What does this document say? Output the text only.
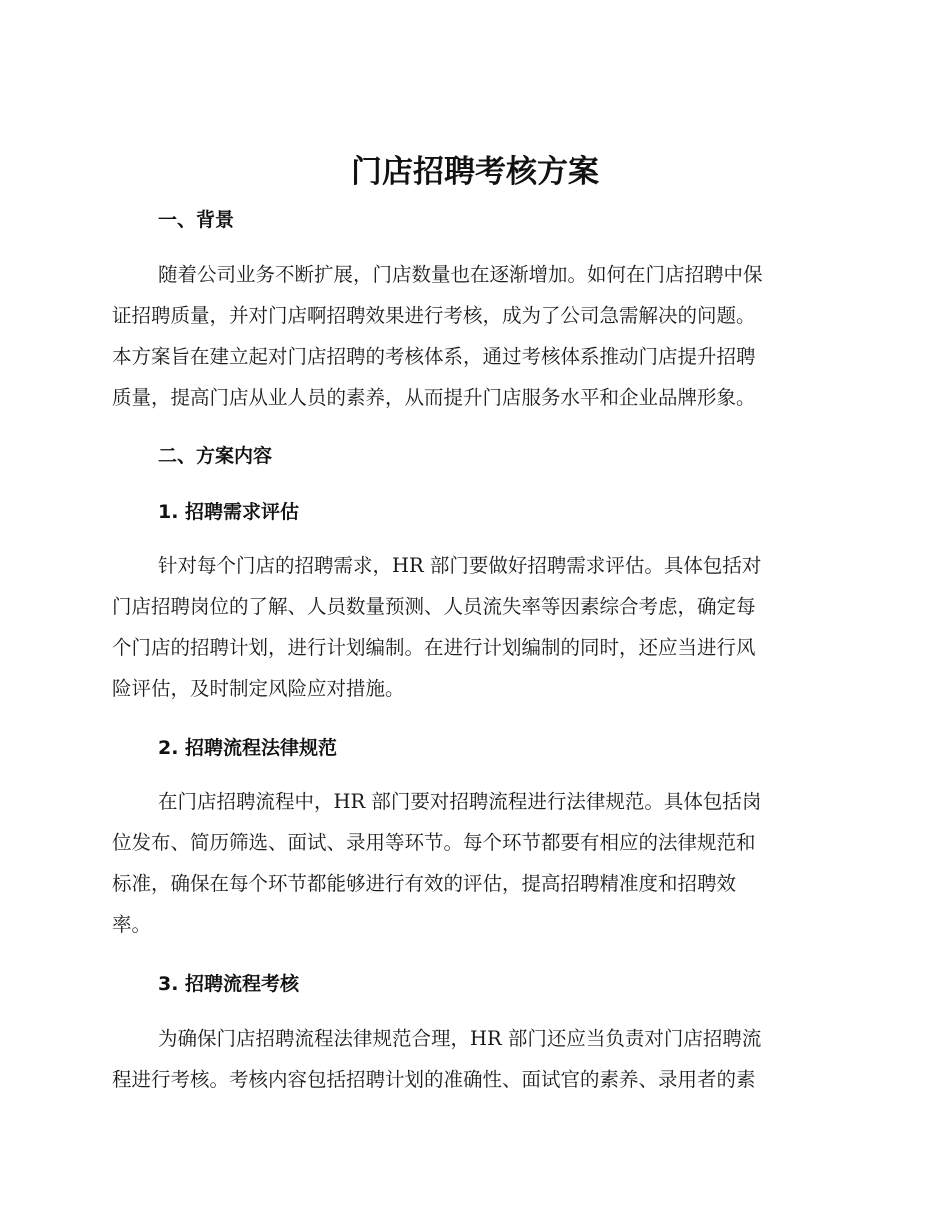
门店招聘考核方案
一、背景
随着公司业务不断扩展，门店数量也在逐渐增加。如何在门店招聘中保
证招聘质量，并对门店啊招聘效果进行考核，成为了公司急需解决的问题。
本方案旨在建立起对门店招聘的考核体系，通过考核体系推动门店提升招聘
质量，提高门店从业人员的素养，从而提升门店服务水平和企业品牌形象。
二、方案内容
1. 招聘需求评估
针对每个门店的招聘需求，HR 部门要做好招聘需求评估。具体包括对
门店招聘岗位的了解、人员数量预测、人员流失率等因素综合考虑，确定每
个门店的招聘计划，进行计划编制。在进行计划编制的同时，还应当进行风
险评估，及时制定风险应对措施。
2. 招聘流程法律规范
在门店招聘流程中，HR 部门要对招聘流程进行法律规范。具体包括岗
位发布、简历筛选、面试、录用等环节。每个环节都要有相应的法律规范和
标准，确保在每个环节都能够进行有效的评估，提高招聘精准度和招聘效
率。
3. 招聘流程考核
为确保门店招聘流程法律规范合理，HR 部门还应当负责对门店招聘流
程进行考核。考核内容包括招聘计划的准确性、面试官的素养、录用者的素
